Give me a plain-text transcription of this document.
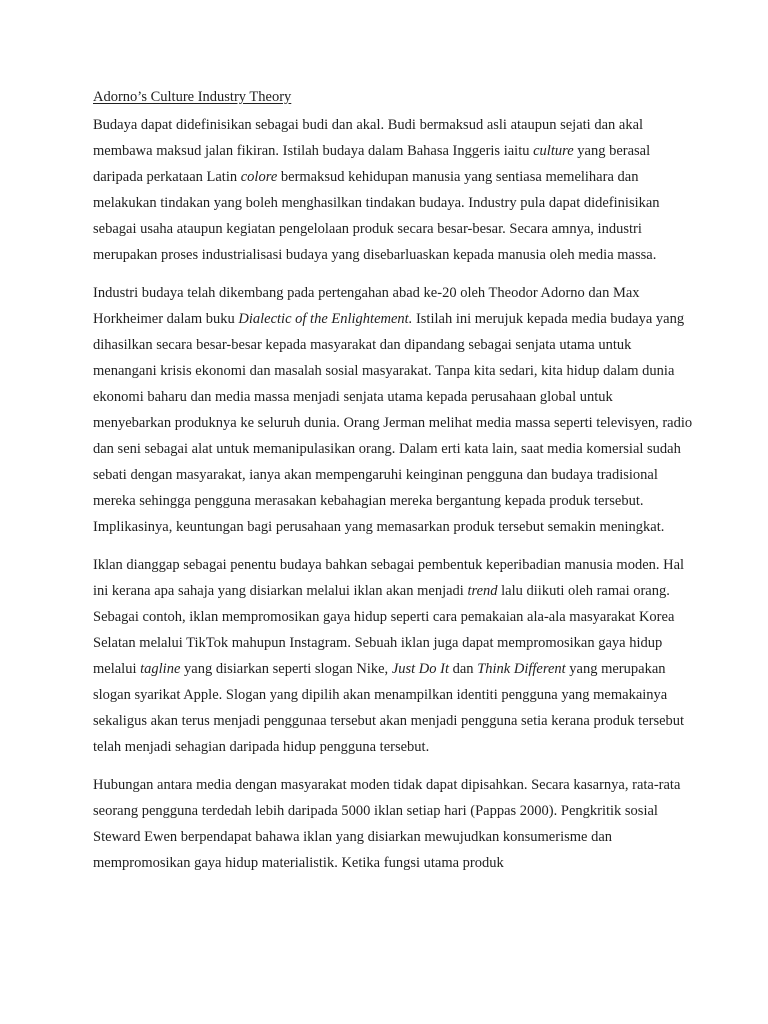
Adorno’s Culture Industry Theory

Budaya dapat didefinisikan sebagai budi dan akal. Budi bermaksud asli ataupun sejati dan akal membawa maksud jalan fikiran. Istilah budaya dalam Bahasa Inggeris iaitu culture yang berasal daripada perkataan Latin colore bermaksud kehidupan manusia yang sentiasa memelihara dan melakukan tindakan yang boleh menghasilkan tindakan budaya. Industry pula dapat didefinisikan sebagai usaha ataupun kegiatan pengelolaan produk secara besar-besar. Secara amnya, industri merupakan proses industrialisasi budaya yang disebarluaskan kepada manusia oleh media massa.

Industri budaya telah dikembang pada pertengahan abad ke-20 oleh Theodor Adorno dan Max Horkheimer dalam buku Dialectic of the Enlightement. Istilah ini merujuk kepada media budaya yang dihasilkan secara besar-besar kepada masyarakat dan dipandang sebagai senjata utama untuk menangani krisis ekonomi dan masalah sosial masyarakat. Tanpa kita sedari, kita hidup dalam dunia ekonomi baharu dan media massa menjadi senjata utama kepada perusahaan global untuk menyebarkan produknya ke seluruh dunia. Orang Jerman melihat media massa seperti televisyen, radio dan seni sebagai alat untuk memanipulasikan orang. Dalam erti kata lain, saat media komersial sudah sebati dengan masyarakat, ianya akan mempengaruhi keinginan pengguna dan budaya tradisional mereka sehingga pengguna merasakan kebahagian mereka bergantung kepada produk tersebut. Implikasinya, keuntungan bagi perusahaan yang memasarkan produk tersebut semakin meningkat.

Iklan dianggap sebagai penentu budaya bahkan sebagai pembentuk keperibadian manusia moden. Hal ini kerana apa sahaja yang disiarkan melalui iklan akan menjadi trend lalu diikuti oleh ramai orang. Sebagai contoh, iklan mempromosikan gaya hidup seperti cara pemakaian ala-ala masyarakat Korea Selatan melalui TikTok mahupun Instagram. Sebuah iklan juga dapat mempromosikan gaya hidup melalui tagline yang disiarkan seperti slogan Nike, Just Do It dan Think Different yang merupakan slogan syarikat Apple. Slogan yang dipilih akan menampilkan identiti pengguna yang memakainya sekaligus akan terus menjadi penggunaa tersebut akan menjadi pengguna setia kerana produk tersebut telah menjadi sehagian daripada hidup pengguna tersebut.

Hubungan antara media dengan masyarakat moden tidak dapat dipisahkan. Secara kasarnya, rata-rata seorang pengguna terdedah lebih daripada 5000 iklan setiap hari (Pappas 2000). Pengkritik sosial Steward Ewen berpendapat bahawa iklan yang disiarkan mewujudkan konsumerisme dan mempromosikan gaya hidup materialistik. Ketika fungsi utama produk
